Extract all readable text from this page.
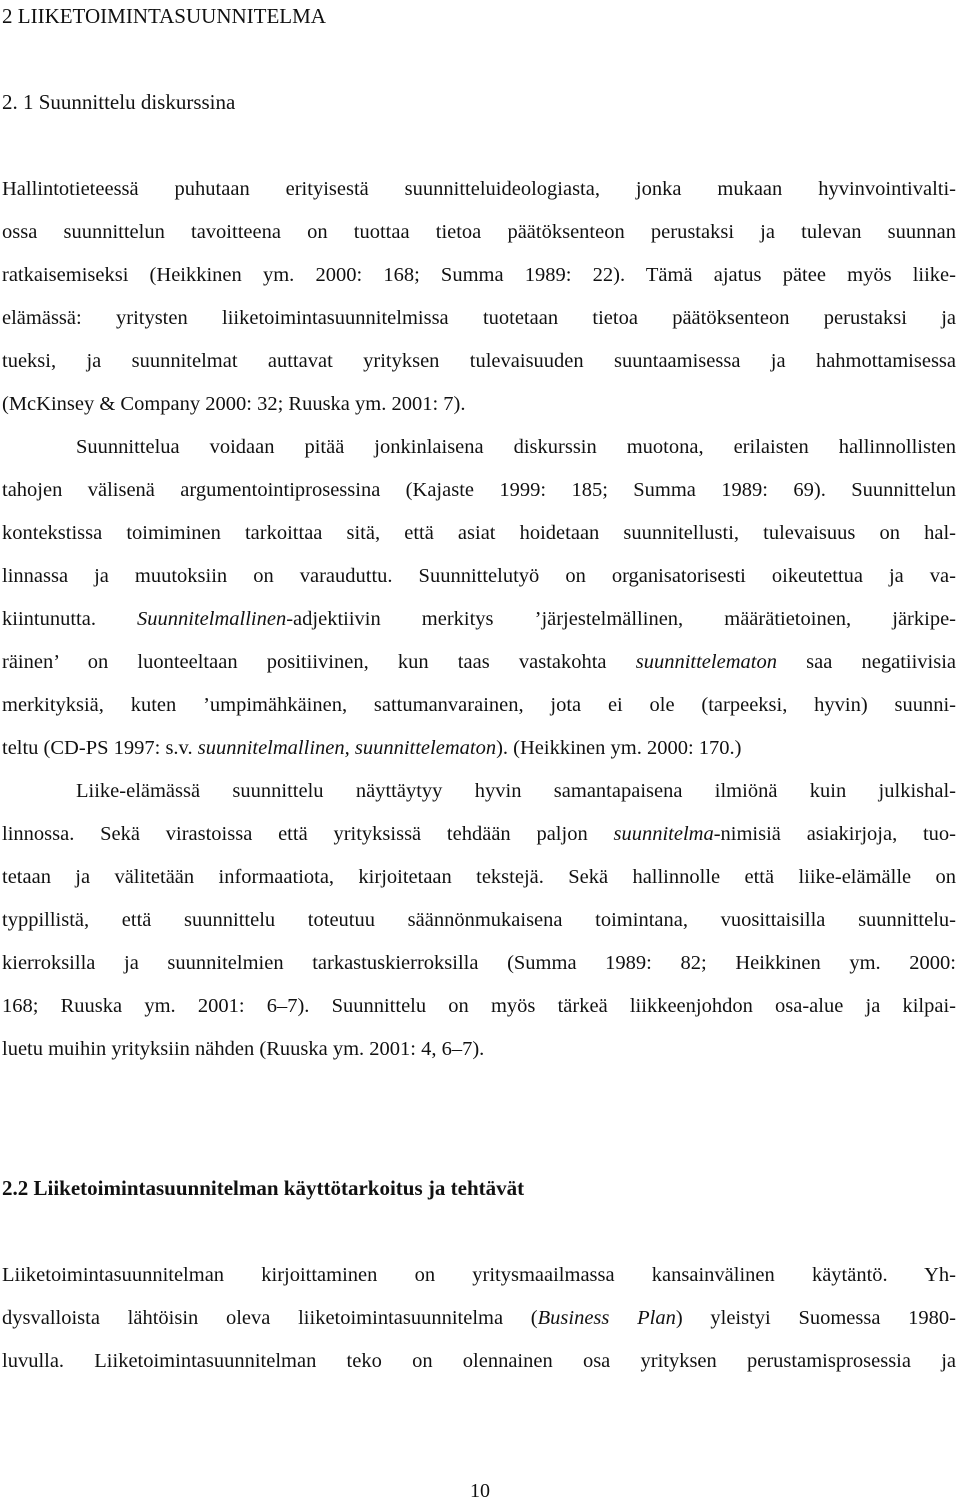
2 LIIKETOIMINTASUUNNITELMA
2. 1 Suunnittelu diskurssina
Hallintotieteessä puhutaan erityisestä suunnitteluideologiasta, jonka mukaan hyvinvointivalti-
ossa suunnittelun tavoitteena on tuottaa tietoa päätöksenteon perustaksi ja tulevan suunnan
ratkaisemiseksi (Heikkinen ym. 2000: 168; Summa 1989: 22). Tämä ajatus pätee myös liike-
elämässä: yritysten liiketoimintasuunnitelmissa tuotetaan tietoa päätöksenteon perustaksi ja
tueksi, ja suunnitelmat auttavat yrityksen tulevaisuuden suuntaamisessa ja hahmottamisessa
(McKinsey & Company 2000: 32; Ruuska ym. 2001: 7).
Suunnittelua voidaan pitää jonkinlaisena diskurssin muotona, erilaisten hallinnollisten
tahojen välisenä argumentointiprosessina (Kajaste 1999: 185; Summa 1989: 69). Suunnittelun
kontekstissa toimiminen tarkoittaa sitä, että asiat hoidetaan suunnitellusti, tulevaisuus on hal-
linnassa ja muutoksiin on varauduttu. Suunnittelutyö on organisatorisesti oikeutettua ja va-
kiintunutta. Suunnitelmallinen-adjektiivin merkitys ’järjestelmällinen, määrätietoinen, järkipe-
räinen’ on luonteeltaan positiivinen, kun taas vastakohta suunnittelematon saa negatiivisia
merkityksiä, kuten ’umpimähkäinen, sattumanvarainen, jota ei ole (tarpeeksi, hyvin) suunni-
teltu (CD-PS 1997: s.v. suunnitelmallinen, suunnittelematon). (Heikkinen ym. 2000: 170.)
Liike-elämässä suunnittelu näyttäytyy hyvin samantapaisena ilmiönä kuin julkishal-
linnossa. Sekä virastoissa että yrityksissä tehdään paljon suunnitelma-nimisiä asiakirjoja, tuo-
tetaan ja välitetään informaatiota, kirjoitetaan tekstejä. Sekä hallinnolle että liike-elämälle on
typpillistä, että suunnittelu toteutuu säännönmukaisena toimintana, vuosittaisilla suunnittelu-
kierroksilla ja suunnitelmien tarkastuskierroksilla (Summa 1989: 82; Heikkinen ym. 2000:
168; Ruuska ym. 2001: 6–7). Suunnittelu on myös tärkeä liikkeenjohdon osa-alue ja kilpai-
luetu muihin yrityksiin nähden (Ruuska ym. 2001: 4, 6–7).
2.2 Liiketoimintasuunnitelman käyttötarkoitus ja tehtävät
Liiketoimintasuunnitelman kirjoittaminen on yritysmaailmassa kansainvälinen käytäntö. Yh-
dysvalloista lähtöisin oleva liiketoimintasuunnitelma (Business Plan) yleistyi Suomessa 1980-
luvulla. Liiketoimintasuunnitelman teko on olennainen osa yrityksen perustamisprosessia ja
10
